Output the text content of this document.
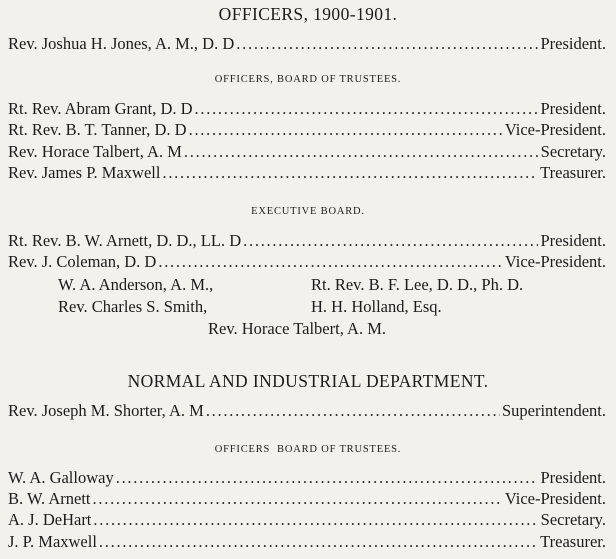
OFFICERS, 1900-1901.
Rev. Joshua H. Jones, A. M., D. D . . .	President.
OFFICERS, BOARD OF TRUSTEES.
Rt. Rev. Abram Grant, D. D . . .	President.
Rt. Rev. B. T. Tanner, D. D . . .	Vice-President.
Rev. Horace Talbert, A. M . . .	Secretary.
Rev. James P. Maxwell . . .	Treasurer.
EXECUTIVE BOARD.
Rt. Rev. B. W. Arnett, D. D., LL. D . . .	President.
Rev. J. Coleman, D. D . . .	Vice-President.
W. A. Anderson, A. M.,	Rt. Rev. B. F. Lee, D. D., Ph. D.
Rev. Charles S. Smith,	H. H. Holland, Esq.
Rev. Horace Talbert, A. M.
NORMAL AND INDUSTRIAL DEPARTMENT.
Rev. Joseph M. Shorter, A. M . . .	Superintendent.
OFFICERS  BOARD OF TRUSTEES.
W. A. Galloway . . .	President.
B. W. Arnett . . .	Vice-President.
A. J. DeHart . . .	Secretary.
J. P. Maxwell . . .	Treasurer.
